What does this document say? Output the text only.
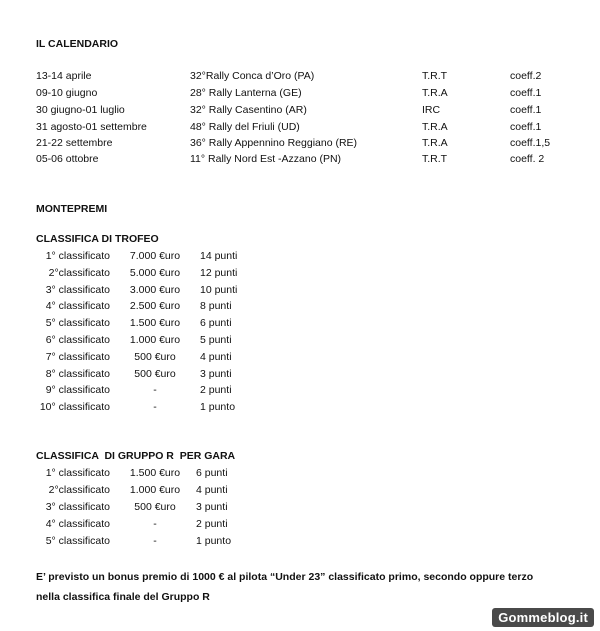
IL CALENDARIO
13-14 aprile	32°Rally Conca d’Oro (PA)	T.R.T	coeff.2
09-10 giugno	28° Rally Lanterna (GE)	T.R.A	coeff.1
30 giugno-01 luglio	32° Rally Casentino (AR)	IRC	coeff.1
31 agosto-01 settembre	48° Rally del Friuli (UD)	T.R.A	coeff.1
21-22 settembre	36° Rally Appennino Reggiano (RE)	T.R.A	coeff.1,5
05-06 ottobre	11° Rally Nord Est -Azzano (PN)	T.R.T	coeff. 2
MONTEPREMI
CLASSIFICA DI TROFEO
1° classificato	7.000 €uro	14 punti
2°classificato	5.000 €uro	12 punti
3° classificato	3.000 €uro	10 punti
4° classificato	2.500 €uro	8 punti
5° classificato	1.500 €uro	6 punti
6° classificato	1.000 €uro	5 punti
7° classificato	500 €uro	4 punti
8° classificato	500 €uro	3 punti
9° classificato	-	2 punti
10° classificato	-	1 punto
CLASSIFICA  DI GRUPPO R  PER GARA
1° classificato	1.500 €uro	6 punti
2°classificato	1.000 €uro	4 punti
3° classificato	500 €uro	3 punti
4° classificato	-	2 punti
5° classificato	-	1 punto
E’ previsto un bonus premio di 1000 € al pilota “Under 23” classificato primo, secondo oppure terzo
nella classifica finale del Gruppo R
Gommeblog.it
